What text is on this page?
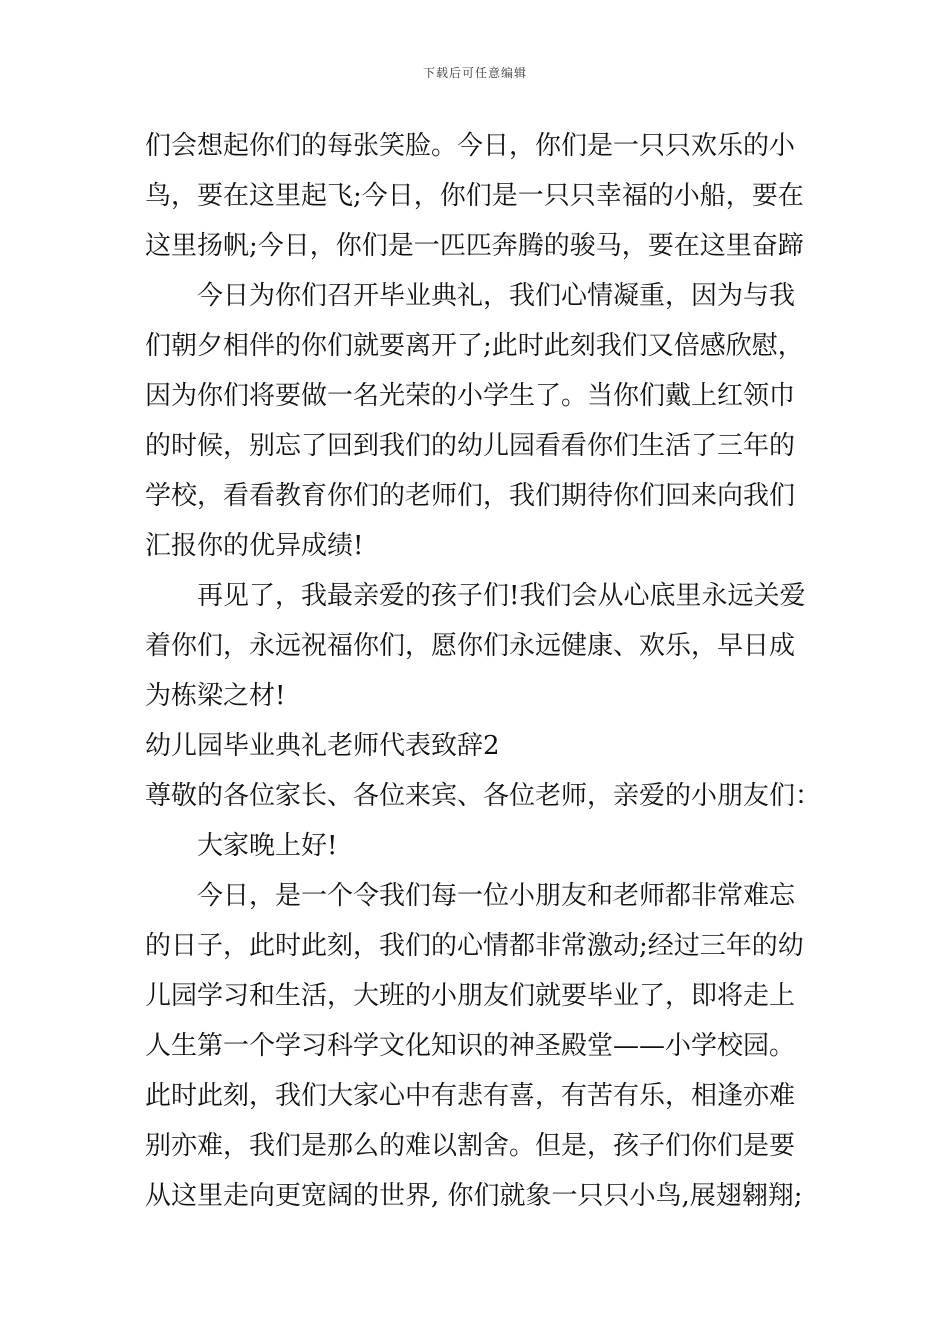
下载后可任意编辑
们会想起你们的每张笑脸。今日，你们是一只只欢乐的小
鸟，要在这里起飞;今日，你们是一只只幸福的小船，要在
这里扬帆;今日，你们是一匹匹奔腾的骏马，要在这里奋蹄
今日为你们召开毕业典礼，我们心情凝重，因为与我
们朝夕相伴的你们就要离开了;此时此刻我们又倍感欣慰，
因为你们将要做一名光荣的小学生了。当你们戴上红领巾
的时候，别忘了回到我们的幼儿园看看你们生活了三年的
学校，看看教育你们的老师们，我们期待你们回来向我们
汇报你的优异成绩!
再见了，我最亲爱的孩子们!我们会从心底里永远关爱
着你们，永远祝福你们，愿你们永远健康、欢乐，早日成
为栋梁之材!
幼儿园毕业典礼老师代表致辞2
尊敬的各位家长、各位来宾、各位老师，亲爱的小朋友们：
大家晚上好!
今日，是一个令我们每一位小朋友和老师都非常难忘
的日子，此时此刻，我们的心情都非常激动;经过三年的幼
儿园学习和生活，大班的小朋友们就要毕业了，即将走上
人生第一个学习科学文化知识的神圣殿堂——小学校园。
此时此刻，我们大家心中有悲有喜，有苦有乐，相逢亦难
别亦难，我们是那么的难以割舍。但是，孩子们你们是要
从这里走向更宽阔的世界, 你们就象一只只小鸟,展翅翱翔;
